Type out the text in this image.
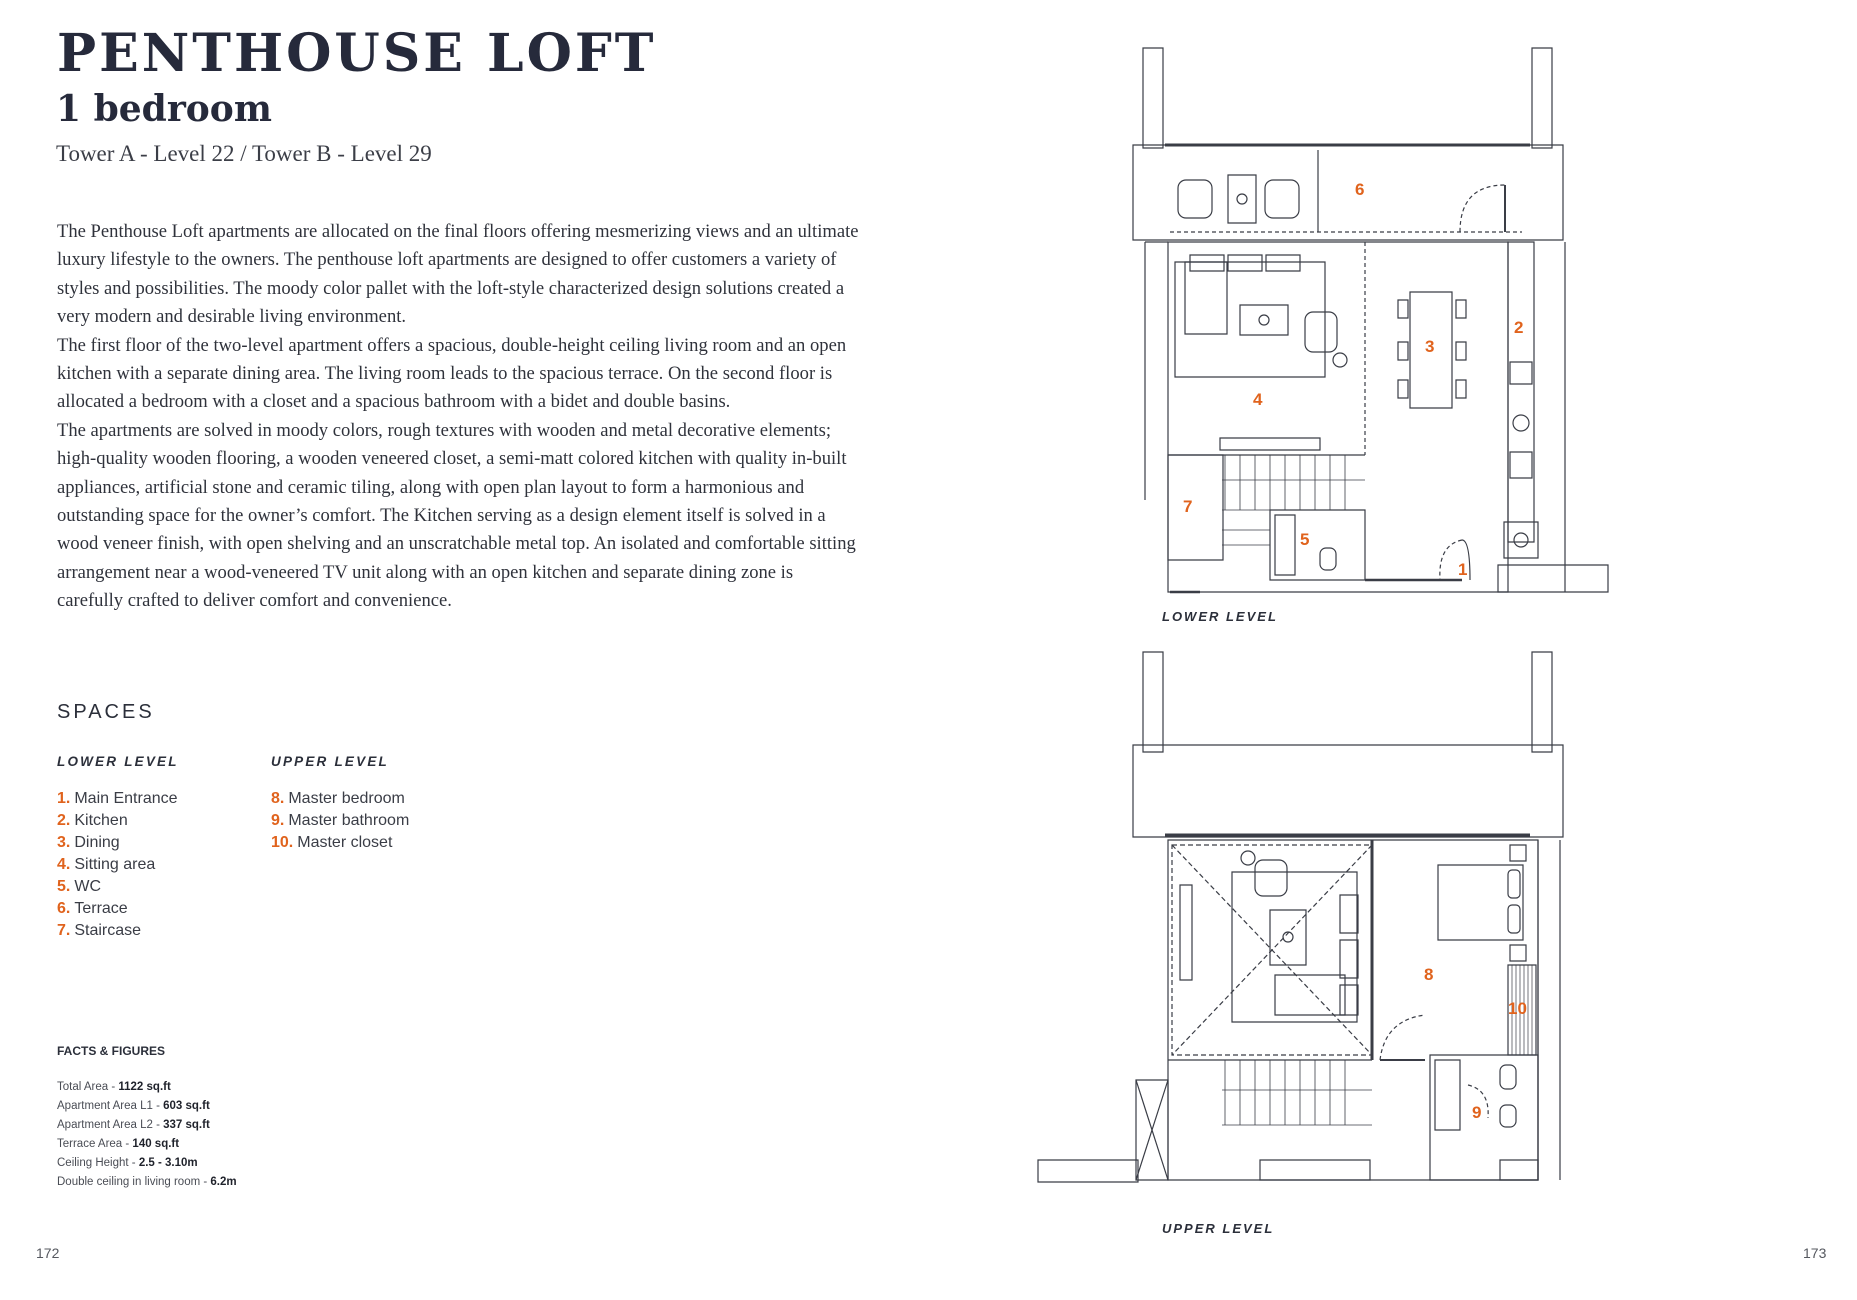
PENTHOUSE LOFT
1 bedroom
Tower A - Level 22 / Tower B - Level 29

The Penthouse Loft apartments are allocated on the final floors offering mesmerizing views and an ultimate luxury lifestyle to the owners. The penthouse loft apartments are designed to offer customers a variety of styles and possibilities. The moody color pallet with the loft-style characterized design solutions created a very modern and desirable living environment.

The first floor of the two-level apartment offers a spacious, double-height ceiling living room and an open kitchen with a separate dining area. The living room leads to the spacious terrace. On the second floor is allocated a bedroom with a closet and a spacious bathroom with a bidet and double basins.

The apartments are solved in moody colors, rough textures with wooden and metal decorative elements; high-quality wooden flooring, a wooden veneered closet, a semi-matt colored kitchen with quality in-built appliances, artificial stone and ceramic tiling, along with open plan layout to form a harmonious and outstanding space for the owner’s comfort. The Kitchen serving as a design element itself is solved in a wood veneer finish, with open shelving and an unscratchable metal top. An isolated and comfortable sitting arrangement near a wood-veneered TV unit along with an open kitchen and separate dining zone is carefully crafted to deliver comfort and convenience.

SPACES
LOWER LEVEL
1. Main Entrance
2. Kitchen
3. Dining
4. Sitting area
5. WC
6. Terrace
7. Staircase
UPPER LEVEL
8. Master bedroom
9. Master bathroom
10. Master closet
FACTS & FIGURES
Total Area - 1122 sq.ft
Apartment Area L1 - 603 sq.ft
Apartment Area L2 - 337 sq.ft
Terrace Area - 140 sq.ft
Ceiling Height - 2.5 - 3.10m
Double ceiling in living room - 6.2m
172	173
2
3
4
5
6
7
1
LOWER LEVEL
8
9
10
UPPER LEVEL
